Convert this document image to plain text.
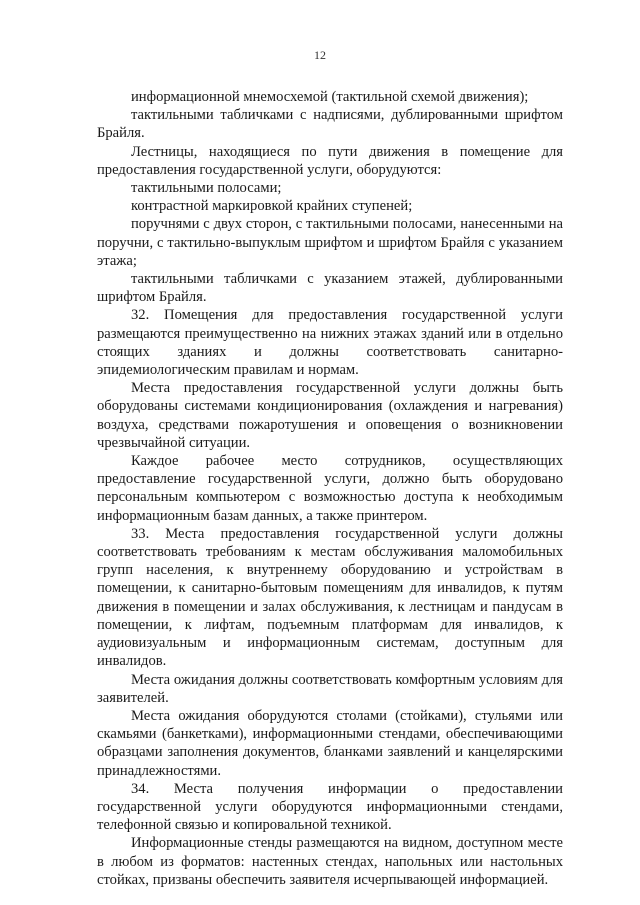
12

информационной мнемосхемой (тактильной схемой движения);

тактильными табличками с надписями, дублированными шрифтом Брайля.

Лестницы, находящиеся по пути движения в помещение для предоставления государственной услуги, оборудуются:

тактильными полосами;

контрастной маркировкой крайних ступеней;

поручнями с двух сторон, с тактильными полосами, нанесенными на поручни, с тактильно-выпуклым шрифтом и шрифтом Брайля с указанием этажа;

тактильными табличками с указанием этажей, дублированными шрифтом Брайля.

32. Помещения для предоставления государственной услуги размещаются преимущественно на нижних этажах зданий или в отдельно стоящих зданиях и должны соответствовать санитарно-эпидемиологическим правилам и нормам.

Места предоставления государственной услуги должны быть оборудованы системами кондиционирования (охлаждения и нагревания) воздуха, средствами пожаротушения и оповещения о возникновении чрезвычайной ситуации.

Каждое рабочее место сотрудников, осуществляющих предоставление государственной услуги, должно быть оборудовано персональным компьютером с возможностью доступа к необходимым информационным базам данных, а также принтером.

33. Места предоставления государственной услуги должны соответствовать требованиям к местам обслуживания маломобильных групп населения, к внутреннему оборудованию и устройствам в помещении, к санитарно-бытовым помещениям для инвалидов, к путям движения в помещении и залах обслуживания, к лестницам и пандусам в помещении, к лифтам, подъемным платформам для инвалидов, к аудиовизуальным и информационным системам, доступным для инвалидов.

Места ожидания должны соответствовать комфортным условиям для заявителей.

Места ожидания оборудуются столами (стойками), стульями или скамьями (банкетками), информационными стендами, обеспечивающими образцами заполнения документов, бланками заявлений и канцелярскими принадлежностями.

34. Места получения информации о предоставлении государственной услуги оборудуются информационными стендами, телефонной связью и копировальной техникой.

Информационные стенды размещаются на видном, доступном месте в любом из форматов: настенных стендах, напольных или настольных стойках, призваны обеспечить заявителя исчерпывающей информацией.
